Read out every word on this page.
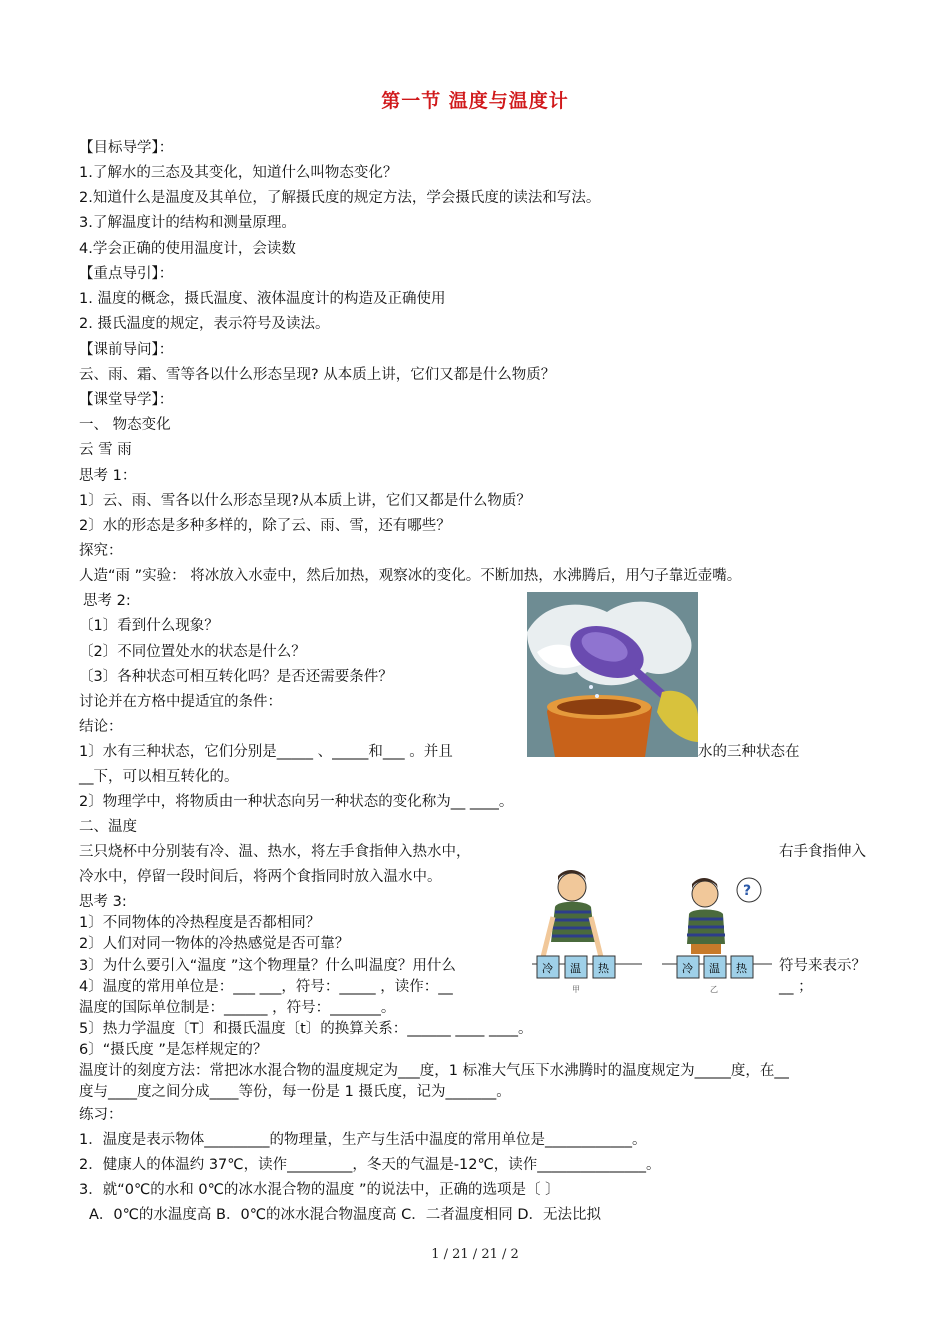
第一节 温度与温度计
【目标导学】：
1.了解水的三态及其变化，知道什么叫物态变化？
2.知道什么是温度及其单位，了解摄氏度的规定方法，学会摄氏度的读法和写法。
3.了解温度计的结构和测量原理。
4.学会正确的使用温度计，会读数
【重点导引】：
1. 温度的概念，摄氏温度、液体温度计的构造及正确使用
2. 摄氏温度的规定，表示符号及读法。
【课前导问】：
云、雨、霜、雪等各以什么形态呈现? 从本质上讲，它们又都是什么物质？
【课堂导学】：
一、 物态变化
云 雪 雨
思考 1：
1〕云、雨、雪各以什么形态呈现?从本质上讲，它们又都是什么物质？
2〕水的形态是多种多样的，除了云、雨、雪，还有哪些？
探究：
人造“雨 ”实验： 将冰放入水壶中，然后加热，观察冰的变化。不断加热，水沸腾后，用勺子靠近壶嘴。
思考 2:
〔1〕看到什么现象？
〔2〕不同位置处水的状态是什么？
〔3〕各种状态可相互转化吗？是否还需要条件？
讨论并在方格中提适宜的条件：
结论：
1〕水有三种状态，它们分别是_____ 、_____和___ 。并且	水的三种状态在
__下，可以相互转化的。
2〕物理学中，将物质由一种状态向另一种状态的变化称为__ ____。
二、温度
三只烧杯中分别装有冷、温、热水，将左手食指伸入热水中，	右手食指伸入
冷水中，停留一段时间后，将两个食指同时放入温水中。
思考 3:
1〕不同物体的冷热程度是否都相同？
2〕人们对同一物体的冷热感觉是否可靠？
3〕为什么要引入“温度 ”这个物理量？什么叫温度？用什么	符号来表示？
4〕温度的常用单位是：___ ___，符号：_____ ，读作：__	__ ；
温度的国际单位制是：______ ，符号：_______。
5〕热力学温度〔T〕和摄氏温度〔t〕的换算关系：______ ____ ____。
6〕“摄氏度 ”是怎样规定的？
温度计的刻度方法：常把冰水混合物的温度规定为___度，1 标准大气压下水沸腾时的温度规定为_____度，在__
度与____度之间分成____等份，每一份是 1 摄氏度，记为_______。
练习：
1．温度是表示物体_________的物理量，生产与生活中温度的常用单位是____________。
2．健康人的体温约 37℃，读作_________，冬天的气温是-12℃，读作_______________。
3．就“0℃的水和 0℃的冰水混合物的温度 ”的说法中，正确的选项是〔 〕
A．0℃的水温度高 B．0℃的冰水混合物温度高 C．二者温度相同 D．无法比拟
冷 温 热
甲
?
冷 温 热
乙
1 / 21 / 21 / 2
